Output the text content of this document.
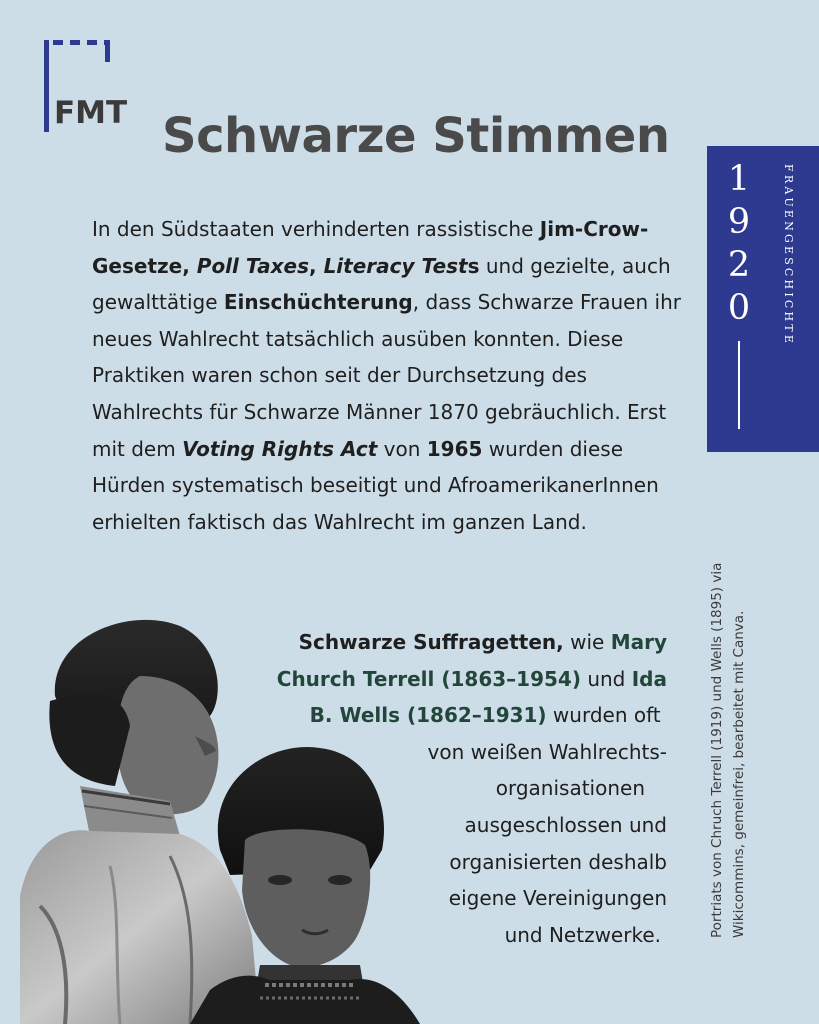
FMT Schwarze Stimmen
1
9
2
0	FRAUENGESCHICHTE
In den Südstaaten verhinderten rassistische Jim-Crow-Gesetze, Poll Taxes, Literacy Tests und gezielte, auch gewalttätige Einschüchterung, dass Schwarze Frauen ihr neues Wahlrecht tatsächlich ausüben konnten. Diese Praktiken waren schon seit der Durchsetzung des Wahlrechts für Schwarze Männer 1870 gebräuchlich. Erst mit dem Voting Rights Act von 1965 wurden diese Hürden systematisch beseitigt und AfroamerikanerInnen erhielten faktisch das Wahlrecht im ganzen Land.
Schwarze Suffragetten, wie Mary
Church Terrell (1863–1954) und Ida
B. Wells (1862–1931) wurden oft
von weißen Wahlrechts-
organisationen
ausgeschlossen und
organisierten deshalb
eigene Vereinigungen
und Netzwerke.	Portriats von Chruch Terrell (1919) und Wells (1895) via Wikicommins, gemeinfrei, bearbeitet mit Canva.
